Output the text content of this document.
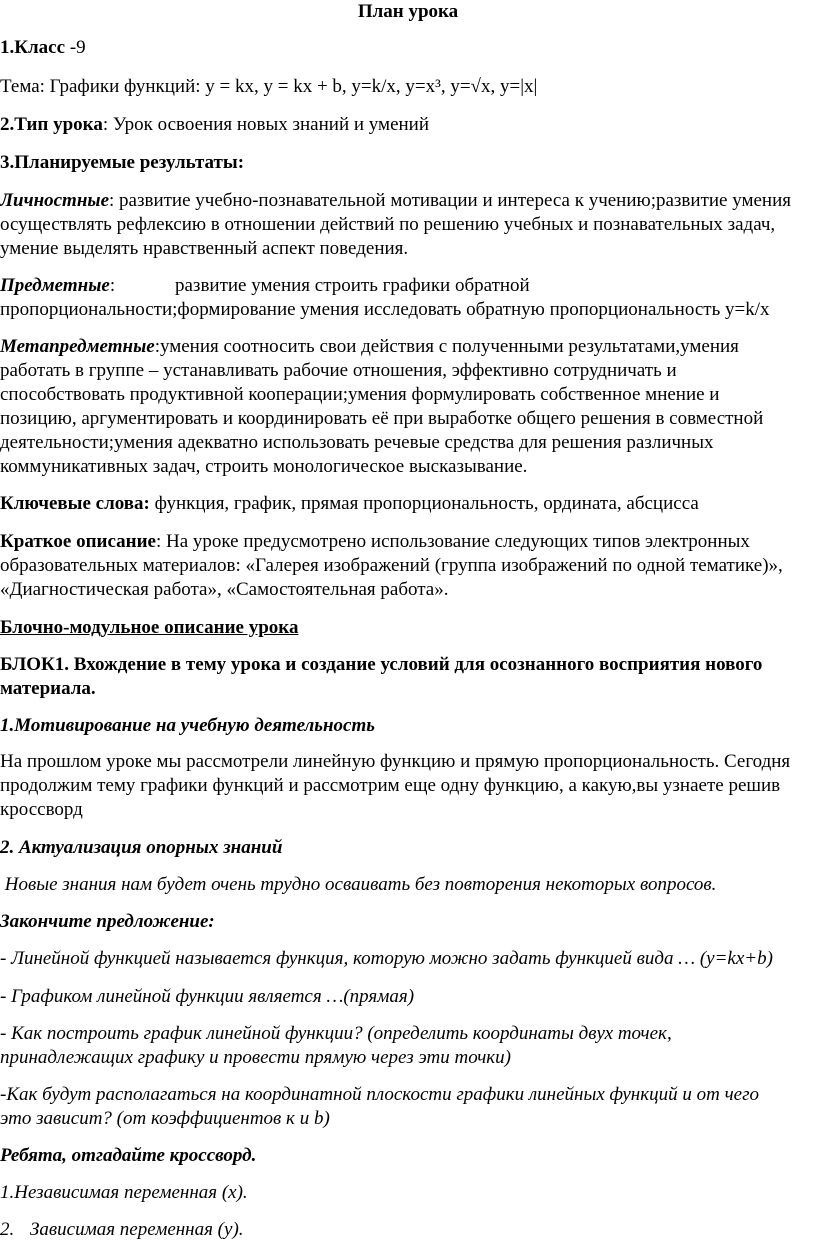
План урока

1.Класс -9

Тема: Графики функций: y = kx, y = kx + b, y=k/x, y=x³, y=√x, y=|x|

2.Тип урока: Урок освоения новых знаний и умений

3.Планируемые результаты:

Личностные: развитие учебно-познавательной мотивации и интереса к учению;развитие умения

осуществлять рефлексию в отношении действий по решению учебных и познавательных задач,

умение выделять нравственный аспект поведения.

Предметные:	развитие умения строить графики обратной

пропорциональности;формирование умения исследовать обратную пропорциональность y=k/x

Метапредметные:умения соотносить свои действия с полученными результатами,умения

работать в группе – устанавливать рабочие отношения, эффективно сотрудничать и

способствовать продуктивной кооперации;умения формулировать собственное мнение и

позицию, аргументировать и координировать её при выработке общего решения в совместной

деятельности;умения адекватно использовать речевые средства для решения различных

коммуникативных задач, строить монологическое высказывание.

Ключевые слова: функция, график, прямая пропорциональность, ордината, абсцисса

Краткое описание: На уроке предусмотрено использование следующих типов электронных

образовательных материалов: «Галерея изображений (группа изображений по одной тематике)»,

«Диагностическая работа», «Самостоятельная работа».

Блочно-модульное описание урока

БЛОК1. Вхождение в тему урока и создание условий для осознанного восприятия нового

материала.

1.Мотивирование на учебную деятельность

На прошлом уроке мы рассмотрели линейную функцию и прямую пропорциональность. Сегодня

продолжим тему графики функций и рассмотрим еще одну функцию, а какую,вы узнаете решив

кроссворд

2. Актуализация опорных знаний

Новые знания нам будет очень трудно осваивать без повторения некоторых вопросов.

Закончите предложение:

- Линейной функцией называется функция, которую можно задать функцией вида … (y=kx+b)

- Графиком линейной функции является …(прямая)

- Как построить график линейной функции? (определить координаты двух точек,

принадлежащих графику и провести прямую через эти точки)

-Как будут располагаться на координатной плоскости графики линейных функций и от чего

это зависит? (от коэффициентов к и b)

Ребята, отгадайте кроссворд.

1.Независимая переменная (x).

2. Зависимая переменная (y).
